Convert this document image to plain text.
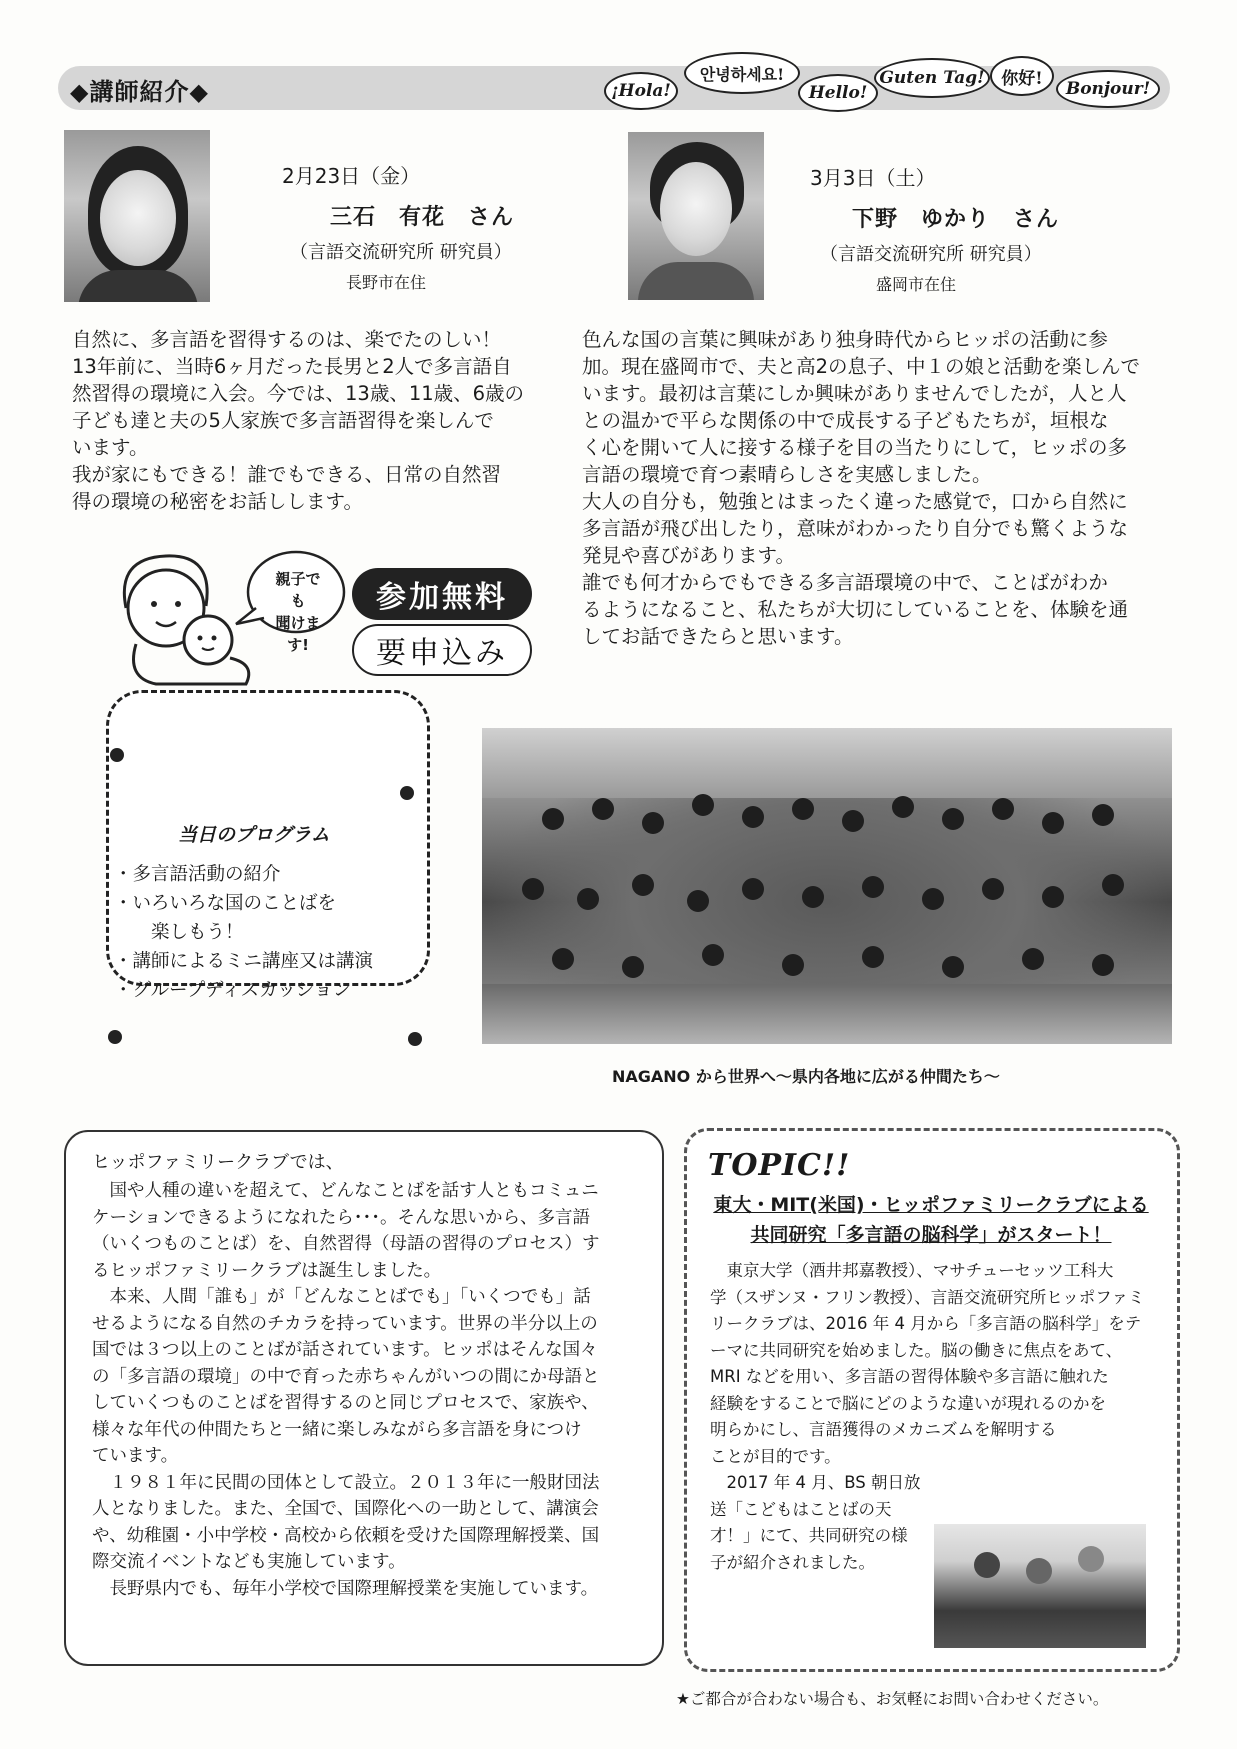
◆講師紹介◆	¡Hola!
안녕하세요!
Hello!
Guten Tag! 你好!
Bonjour!
2月23日（金）
三石　有花　さん
（言語交流研究所 研究員）
長野市在住
3月3日（土）
下野　ゆかり　さん
（言語交流研究所 研究員）
盛岡市在住

自然に、多言語を習得するのは、楽でたのしい！

13年前に、当時6ヶ月だった長男と2人で多言語自

然習得の環境に入会。今では、13歳、11歳、6歳の

子ども達と夫の5人家族で多言語習得を楽しんで

います。

我が家にもできる！誰でもできる、日常の自然習

得の環境の秘密をお話しします。

色んな国の言葉に興味があり独身時代からヒッポの活動に参

加。現在盛岡市で、夫と高2の息子、中１の娘と活動を楽しんで

います。最初は言葉にしか興味がありませんでしたが，人と人

との温かで平らな関係の中で成長する子どもたちが，垣根な

く心を開いて人に接する様子を目の当たりにして，ヒッポの多

言語の環境で育つ素晴らしさを実感しました。

大人の自分も，勉強とはまったく違った感覚で，口から自然に

多言語が飛び出したり，意味がわかったり自分でも驚くような

発見や喜びがあります。

誰でも何才からでもできる多言語環境の中で、ことばがわか

るようになること、私たちが大切にしていることを、体験を通

してお話できたらと思います。

親子でも
聞けます!
参加無料
要申込み
当日のプログラム
・多言語活動の紹介
・いろいろな国のことばを
　　楽しもう！
・講師によるミニ講座又は講演
・グループディスカッション
NAGANO から世界へ〜県内各地に広がる仲間たち〜
ヒッポファミリークラブでは、

　国や人種の違いを超えて、どんなことばを話す人ともコミュニ

ケーションできるようになれたら･･･。そんな思いから、多言語

（いくつものことば）を、自然習得（母語の習得のプロセス）す

るヒッポファミリークラブは誕生しました。

　本来、人間「誰も」が「どんなことばでも」「いくつでも」話

せるようになる自然のチカラを持っています。世界の半分以上の

国では３つ以上のことばが話されています。ヒッポはそんな国々

の「多言語の環境」の中で育った赤ちゃんがいつの間にか母語と

していくつものことばを習得するのと同じプロセスで、家族や、

様々な年代の仲間たちと一緒に楽しみながら多言語を身につけ

ています。

　１９８１年に民間の団体として設立。２０１３年に一般財団法

人となりました。また、全国で、国際化への一助として、講演会

や、幼稚園・小中学校・高校から依頼を受けた国際理解授業、国

際交流イベントなども実施しています。

　長野県内でも、毎年小学校で国際理解授業を実施しています。

TOPIC!!
東大・MIT(米国)・ヒッポファミリークラブによる
共同研究「多言語の脳科学」がスタート！

　東京大学（酒井邦嘉教授）、マサチューセッツ工科大

学（スザンヌ・フリン教授）、言語交流研究所ヒッポファミ

リークラブは、2016 年 4 月から「多言語の脳科学」をテ

ーマに共同研究を始めました。脳の働きに焦点をあて、

MRI などを用い、多言語の習得体験や多言語に触れた

経験をすることで脳にどのような違いが現れるのかを

明らかにし、言語獲得のメカニズムを解明する

ことが目的です。

　2017 年 4 月、BS 朝日放

送「こどもはことばの天

才！」にて、共同研究の様

子が紹介されました。

★ご都合が合わない場合も、お気軽にお問い合わせください。
